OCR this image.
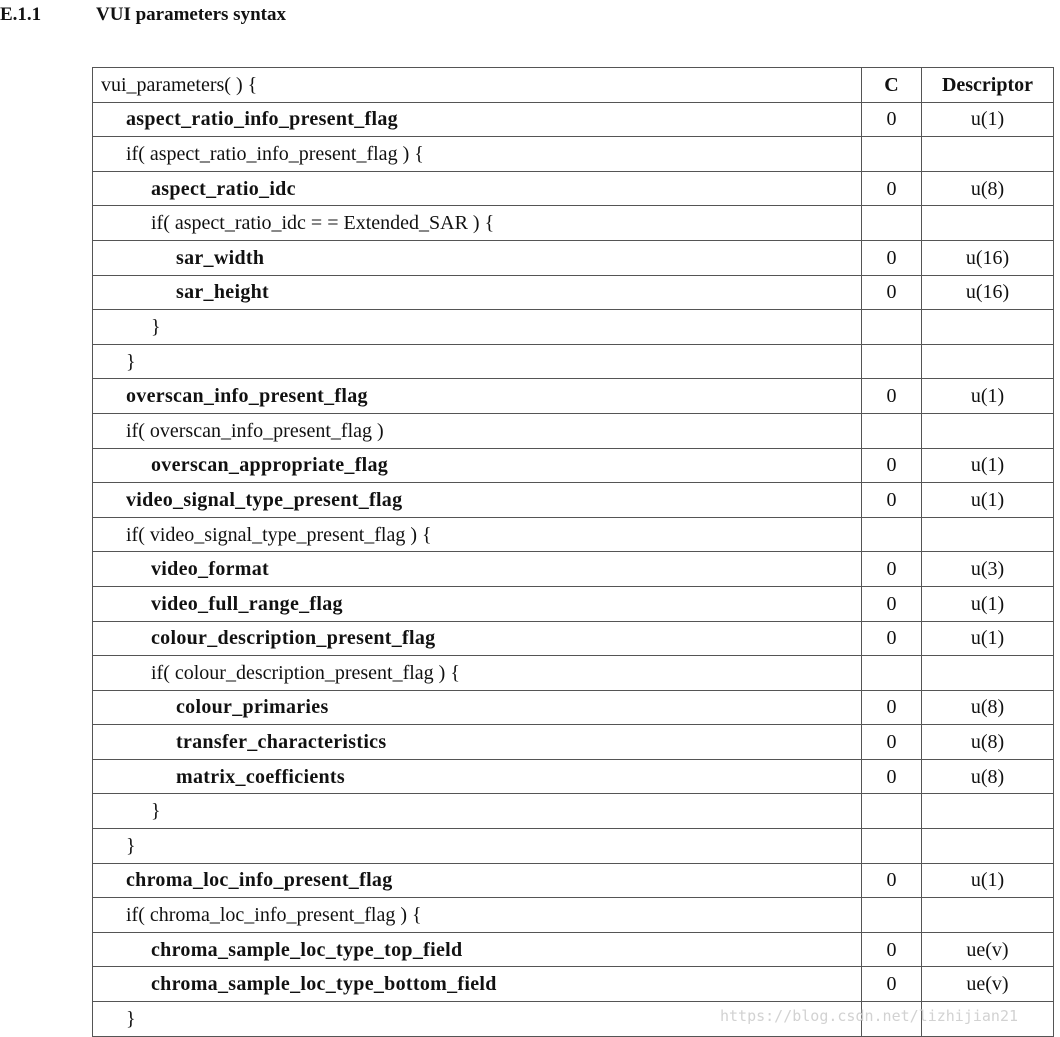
E.1.1	VUI parameters syntax
vui_parameters( ) {	C	Descriptor
aspect_ratio_info_present_flag	0	u(1)
if( aspect_ratio_info_present_flag ) {		
aspect_ratio_idc	0	u(8)
if( aspect_ratio_idc = = Extended_SAR ) {		
sar_width	0	u(16)
sar_height	0	u(16)
}		
}		
overscan_info_present_flag	0	u(1)
if( overscan_info_present_flag )		
overscan_appropriate_flag	0	u(1)
video_signal_type_present_flag	0	u(1)
if( video_signal_type_present_flag ) {		
video_format	0	u(3)
video_full_range_flag	0	u(1)
colour_description_present_flag	0	u(1)
if( colour_description_present_flag ) {		
colour_primaries	0	u(8)
transfer_characteristics	0	u(8)
matrix_coefficients	0	u(8)
}		
}		
chroma_loc_info_present_flag	0	u(1)
if( chroma_loc_info_present_flag ) {		
chroma_sample_loc_type_top_field	0	ue(v)
chroma_sample_loc_type_bottom_field	0	ue(v)
}			https://blog.csdn.net/lizhijian21
